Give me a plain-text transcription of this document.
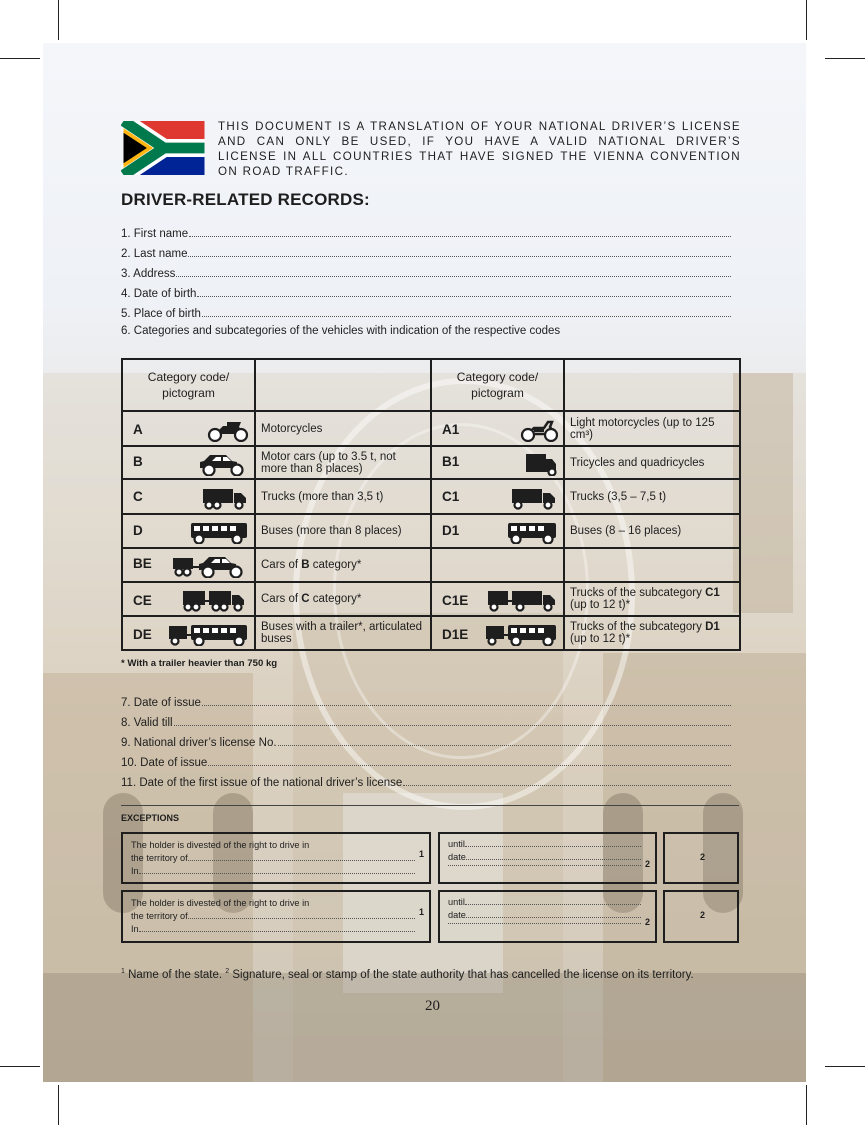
THIS DOCUMENT IS A TRANSLATION OF YOUR NATIONAL DRIVER’S LICENSE AND CAN ONLY BE USED, IF YOU HAVE A VALID NATIONAL DRIVER’S LICENSE IN ALL COUNTRIES THAT HAVE SIGNED THE VIENNA CONVENTION ON ROAD TRAFFIC.
DRIVER-RELATED RECORDS:
1. First name
2. Last name
3. Address
4. Date of birth
5. Place of birth
6. Categories and subcategories of the vehicles with indication of the respective codes
Category code/ pictogram		Category code/ pictogram	

A	Motorcycles	A1	Light motorcycles (up to 125 cm³)

B	Motor cars (up to 3.5 t, not more than 8 places)	B1	Tricycles and quadricycles

C	Trucks (more than 3,5 t)	C1	Trucks (3,5 – 7,5 t)

D	Buses (more than 8 places)	D1	Buses (8 – 16 places)

BE	Cars of B category*	

CE	Cars of C category*	C1E	Trucks of the subcategory C1 (up to 12 t)*

DE	Buses with a trailer*, articulated buses	D1E	Trucks of the subcategory D1 (up to 12 t)*
* With a trailer heavier than 750 kg
7. Date of issue
8. Valid till
9. National driver’s license No.
10. Date of issue
11. Date of the first issue of the national driver’s license
EXCEPTIONS
The holder is divested of the right to drive in
the territory of
In
1
until
date
2
2
The holder is divested of the right to drive in
the territory of
In
1
until
date
2
2
$^1$ Name of the state. $^2$ Signature, seal or stamp of the state authority that has cancelled the license on its territory.
20
